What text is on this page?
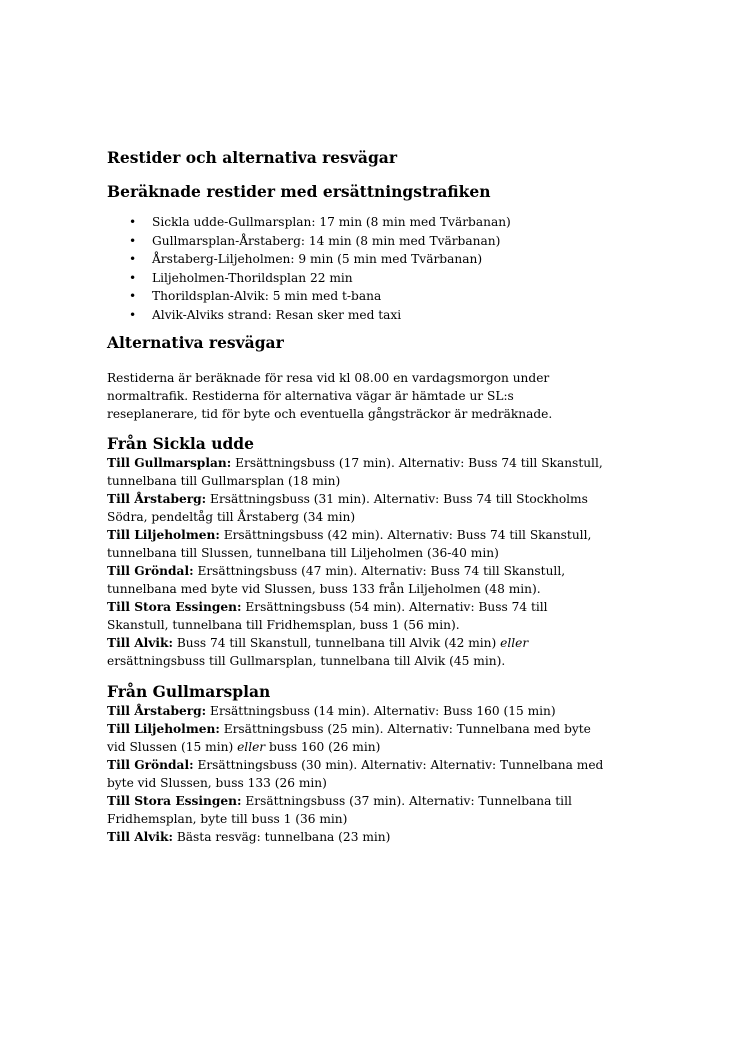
Restider och alternativa resvägar
Beräknade restider med ersättningstrafiken
• Sickla udde-Gullmarsplan: 17 min (8 min med Tvärbanan)
• Gullmarsplan-Årstaberg: 14 min (8 min med Tvärbanan)
• Årstaberg-Liljeholmen: 9 min (5 min med Tvärbanan)
• Liljeholmen-Thorildsplan 22 min
• Thorildsplan-Alvik: 5 min med t-bana
• Alvik-Alviks strand: Resan sker med taxi
Alternativa resvägar

Restiderna är beräknade för resa vid kl 08.00 en vardagsmorgon under normaltrafik. Restiderna för alternativa vägar är hämtade ur SL:s reseplanerare, tid för byte och eventuella gångsträckor är medräknade.

Från Sickla udde
Till Gullmarsplan: Ersättningsbuss (17 min). Alternativ: Buss 74 till Skanstull, tunnelbana till Gullmarsplan (18 min)
Till Årstaberg: Ersättningsbuss (31 min). Alternativ: Buss 74 till Stockholms Södra, pendeltåg till Årstaberg (34 min)
Till Liljeholmen: Ersättningsbuss (42 min). Alternativ: Buss 74 till Skanstull, tunnelbana till Slussen, tunnelbana till Liljeholmen (36-40 min)
Till Gröndal: Ersättningsbuss (47 min). Alternativ: Buss 74 till Skanstull, tunnelbana med byte vid Slussen, buss 133 från Liljeholmen (48 min).
Till Stora Essingen: Ersättningsbuss (54 min). Alternativ: Buss 74 till Skanstull, tunnelbana till Fridhemsplan, buss 1 (56 min).
Till Alvik: Buss 74 till Skanstull, tunnelbana till Alvik (42 min) eller ersättningsbuss till Gullmarsplan, tunnelbana till Alvik (45 min).
Från Gullmarsplan
Till Årstaberg: Ersättningsbuss (14 min). Alternativ: Buss 160 (15 min)
Till Liljeholmen: Ersättningsbuss (25 min). Alternativ: Tunnelbana med byte vid Slussen (15 min) eller buss 160 (26 min)
Till Gröndal: Ersättningsbuss (30 min). Alternativ: Alternativ: Tunnelbana med byte vid Slussen, buss 133 (26 min)
Till Stora Essingen: Ersättningsbuss (37 min). Alternativ: Tunnelbana till Fridhemsplan, byte till buss 1 (36 min)
Till Alvik: Bästa resväg: tunnelbana (23 min)
